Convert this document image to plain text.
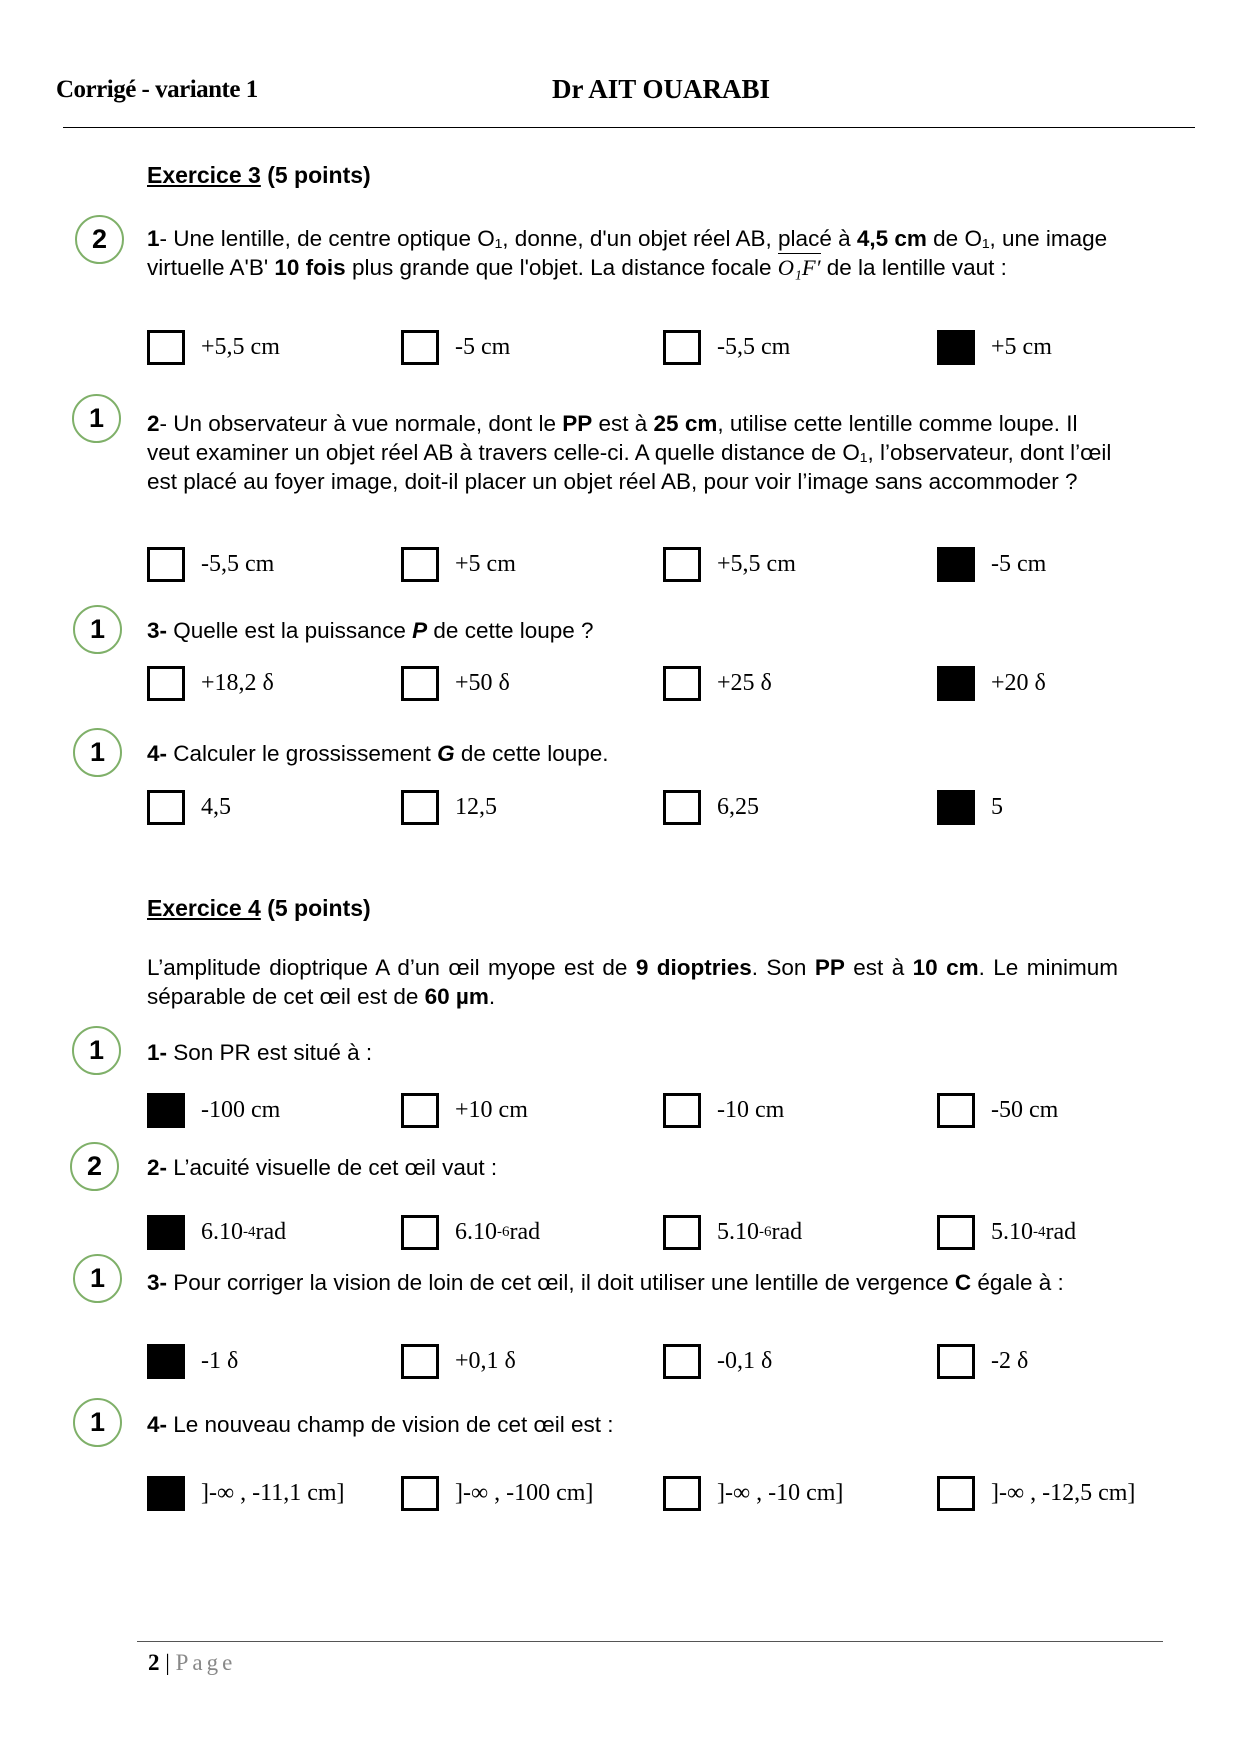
Corrigé - variante 1	Dr AIT OUARABI
Exercice 3 (5 points)
2	1- Une lentille, de centre optique O₁, donne, d'un objet réel AB, placé à 4,5 cm de O₁, une image virtuelle A'B' 10 fois plus grande que l'objet. La distance focale O₁F′ de la lentille vaut :
+5,5 cm	-5 cm	-5,5 cm	+5 cm
1	2- Un observateur à vue normale, dont le PP est à 25 cm, utilise cette lentille comme loupe. Il veut examiner un objet réel AB à travers celle-ci. A quelle distance de O₁, l’observateur, dont l’œil est placé au foyer image, doit-il placer un objet réel AB, pour voir l’image sans accommoder ?
-5,5 cm	+5 cm	+5,5 cm	-5 cm
1	3- Quelle est la puissance P de cette loupe ?
+18,2 δ	+50 δ	+25 δ	+20 δ
1	4- Calculer le grossissement G de cette loupe.
4,5	12,5	6,25	5
Exercice 4 (5 points)
L’amplitude dioptrique A d’un œil myope est de 9 dioptries. Son PP est à 10 cm. Le minimum séparable de cet œil est de 60 µm.
1	1- Son PR est situé à :
-100 cm	+10 cm	-10 cm	-50 cm
2	2- L’acuité visuelle de cet œil vaut :
6.10 -4 rad	6.10 -6 rad	5.10 -6 rad	5.10 -4 rad
1	3- Pour corriger la vision de loin de cet œil, il doit utiliser une lentille de vergence C égale à :
-1 δ	+0,1 δ	-0,1 δ	-2 δ
1	4- Le nouveau champ de vision de cet œil est :
]-∞ , -11,1 cm]	]-∞ , -100 cm]	]-∞ , -10 cm]	]-∞ , -12,5 cm]
2 | Page
